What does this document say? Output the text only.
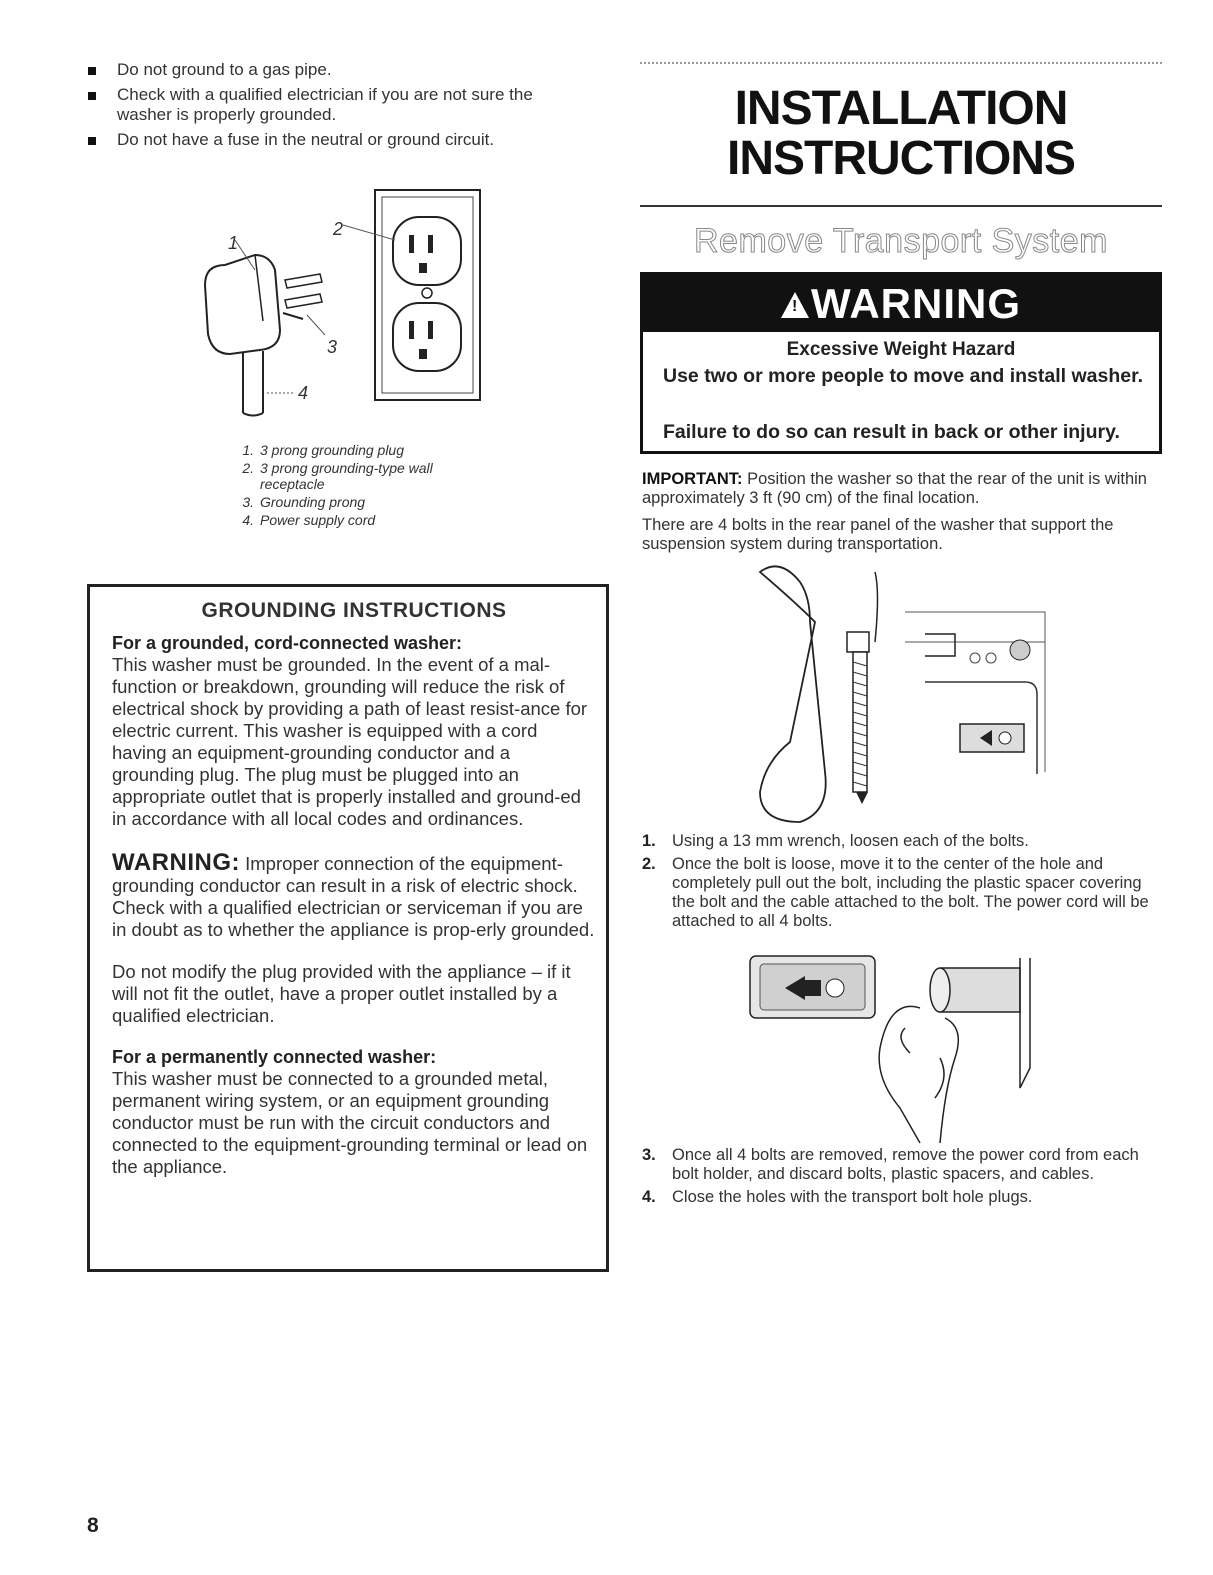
Do not ground to a gas pipe.
Check with a qualified electrician if you are not sure the washer is properly grounded.
Do not have a fuse in the neutral or ground circuit.
1
2
3
4
1. 3 prong grounding plug
2. 3 prong grounding-type wall receptacle
3. Grounding prong
4. Power supply cord
GROUNDING INSTRUCTIONS
For a grounded, cord-connected washer:

This washer must be grounded. In the event of a mal-function or breakdown, grounding will reduce the risk of electrical shock by providing a path of least resist-ance for electric current. This washer is equipped with a cord having an equipment-grounding conductor and a grounding plug. The plug must be plugged into an appropriate outlet that is properly installed and ground-ed in accordance with all local codes and ordinances.

WARNING: Improper connection of the equipment-grounding conductor can result in a risk of electric shock. Check with a qualified electrician or serviceman if you are in doubt as to whether the appliance is prop-erly grounded.

Do not modify the plug provided with the appliance – if it will not fit the outlet, have a proper outlet installed by a qualified electrician.

For a permanently connected washer:

This washer must be connected to a grounded metal, permanent wiring system, or an equipment grounding conductor must be run with the circuit conductors and connected to the equipment-grounding terminal or lead on the appliance.

8
INSTALLATION
INSTRUCTIONS
Remove Transport System
! WARNING
Excessive Weight Hazard
Use two or more people to move and install washer.
Failure to do so can result in back or other injury.

IMPORTANT: Position the washer so that the rear of the unit is within approximately 3 ft (90 cm) of the final location.

There are 4 bolts in the rear panel of the washer that support the suspension system during transportation.

1. Using a 13 mm wrench, loosen each of the bolts.
2. Once the bolt is loose, move it to the center of the hole and completely pull out the bolt, including the plastic spacer covering the bolt and the cable attached to the bolt. The power cord will be attached to all 4 bolts.
3. Once all 4 bolts are removed, remove the power cord from each bolt holder, and discard bolts, plastic spacers, and cables.
4. Close the holes with the transport bolt hole plugs.
